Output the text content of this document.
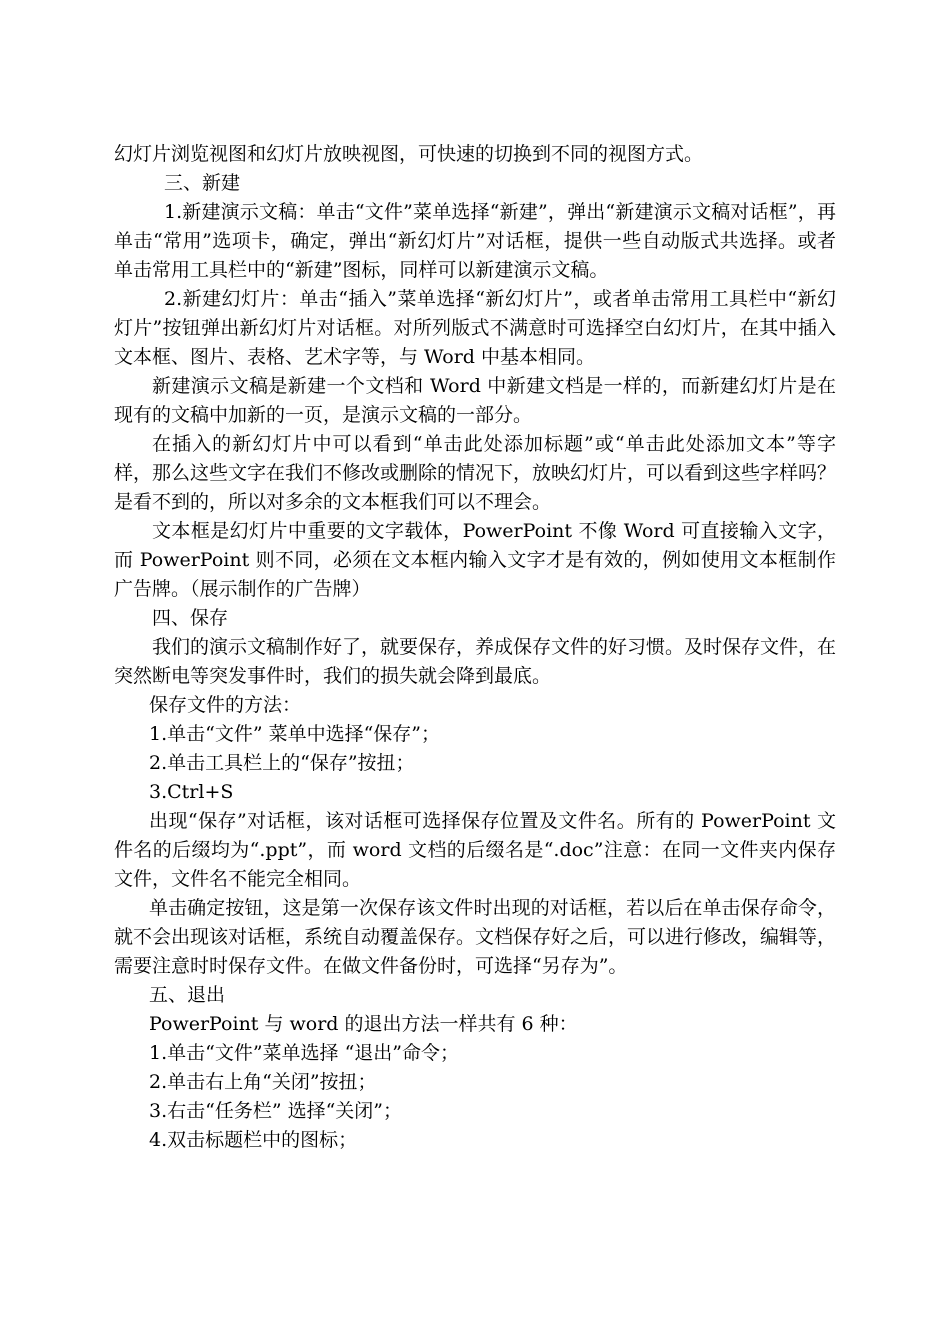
幻灯片浏览视图和幻灯片放映视图，可快速的切换到不同的视图方式。

三、新建

1.新建演示文稿：单击“文件”菜单选择“新建”，弹出“新建演示文稿对话框”，再单击“常用”选项卡，确定，弹出“新幻灯片”对话框，提供一些自动版式共选择。或者单击常用工具栏中的“新建”图标，同样可以新建演示文稿。

2.新建幻灯片：单击“插入”菜单选择“新幻灯片”，或者单击常用工具栏中“新幻灯片”按钮弹出新幻灯片对话框。对所列版式不满意时可选择空白幻灯片，在其中插入文本框、图片、表格、艺术字等，与 Word 中基本相同。

新建演示文稿是新建一个文档和 Word 中新建文档是一样的，而新建幻灯片是在现有的文稿中加新的一页，是演示文稿的一部分。

在插入的新幻灯片中可以看到“单击此处添加标题”或“单击此处添加文本”等字样，那么这些文字在我们不修改或删除的情况下，放映幻灯片，可以看到这些字样吗？是看不到的，所以对多余的文本框我们可以不理会。

文本框是幻灯片中重要的文字载体，PowerPoint 不像 Word 可直接输入文字，而 PowerPoint 则不同，必须在文本框内输入文字才是有效的，例如使用文本框制作广告牌。（展示制作的广告牌）

四、保存

我们的演示文稿制作好了，就要保存，养成保存文件的好习惯。及时保存文件，在突然断电等突发事件时，我们的损失就会降到最底。

保存文件的方法：

1.单击“文件” 菜单中选择“保存”；

2.单击工具栏上的“保存”按扭；

3.Ctrl+S

出现“保存”对话框，该对话框可选择保存位置及文件名。所有的 PowerPoint 文件名的后缀均为“.ppt”，而 word 文档的后缀名是“.doc”注意：在同一文件夹内保存文件，文件名不能完全相同。

单击确定按钮，这是第一次保存该文件时出现的对话框，若以后在单击保存命令，就不会出现该对话框，系统自动覆盖保存。文档保存好之后，可以进行修改，编辑等，需要注意时时保存文件。在做文件备份时，可选择“另存为”。

五、退出

PowerPoint 与 word 的退出方法一样共有 6 种：

1.单击“文件”菜单选择 “退出”命令；

2.单击右上角“关闭”按扭；

3.右击“任务栏” 选择“关闭”；

4.双击标题栏中的图标；
